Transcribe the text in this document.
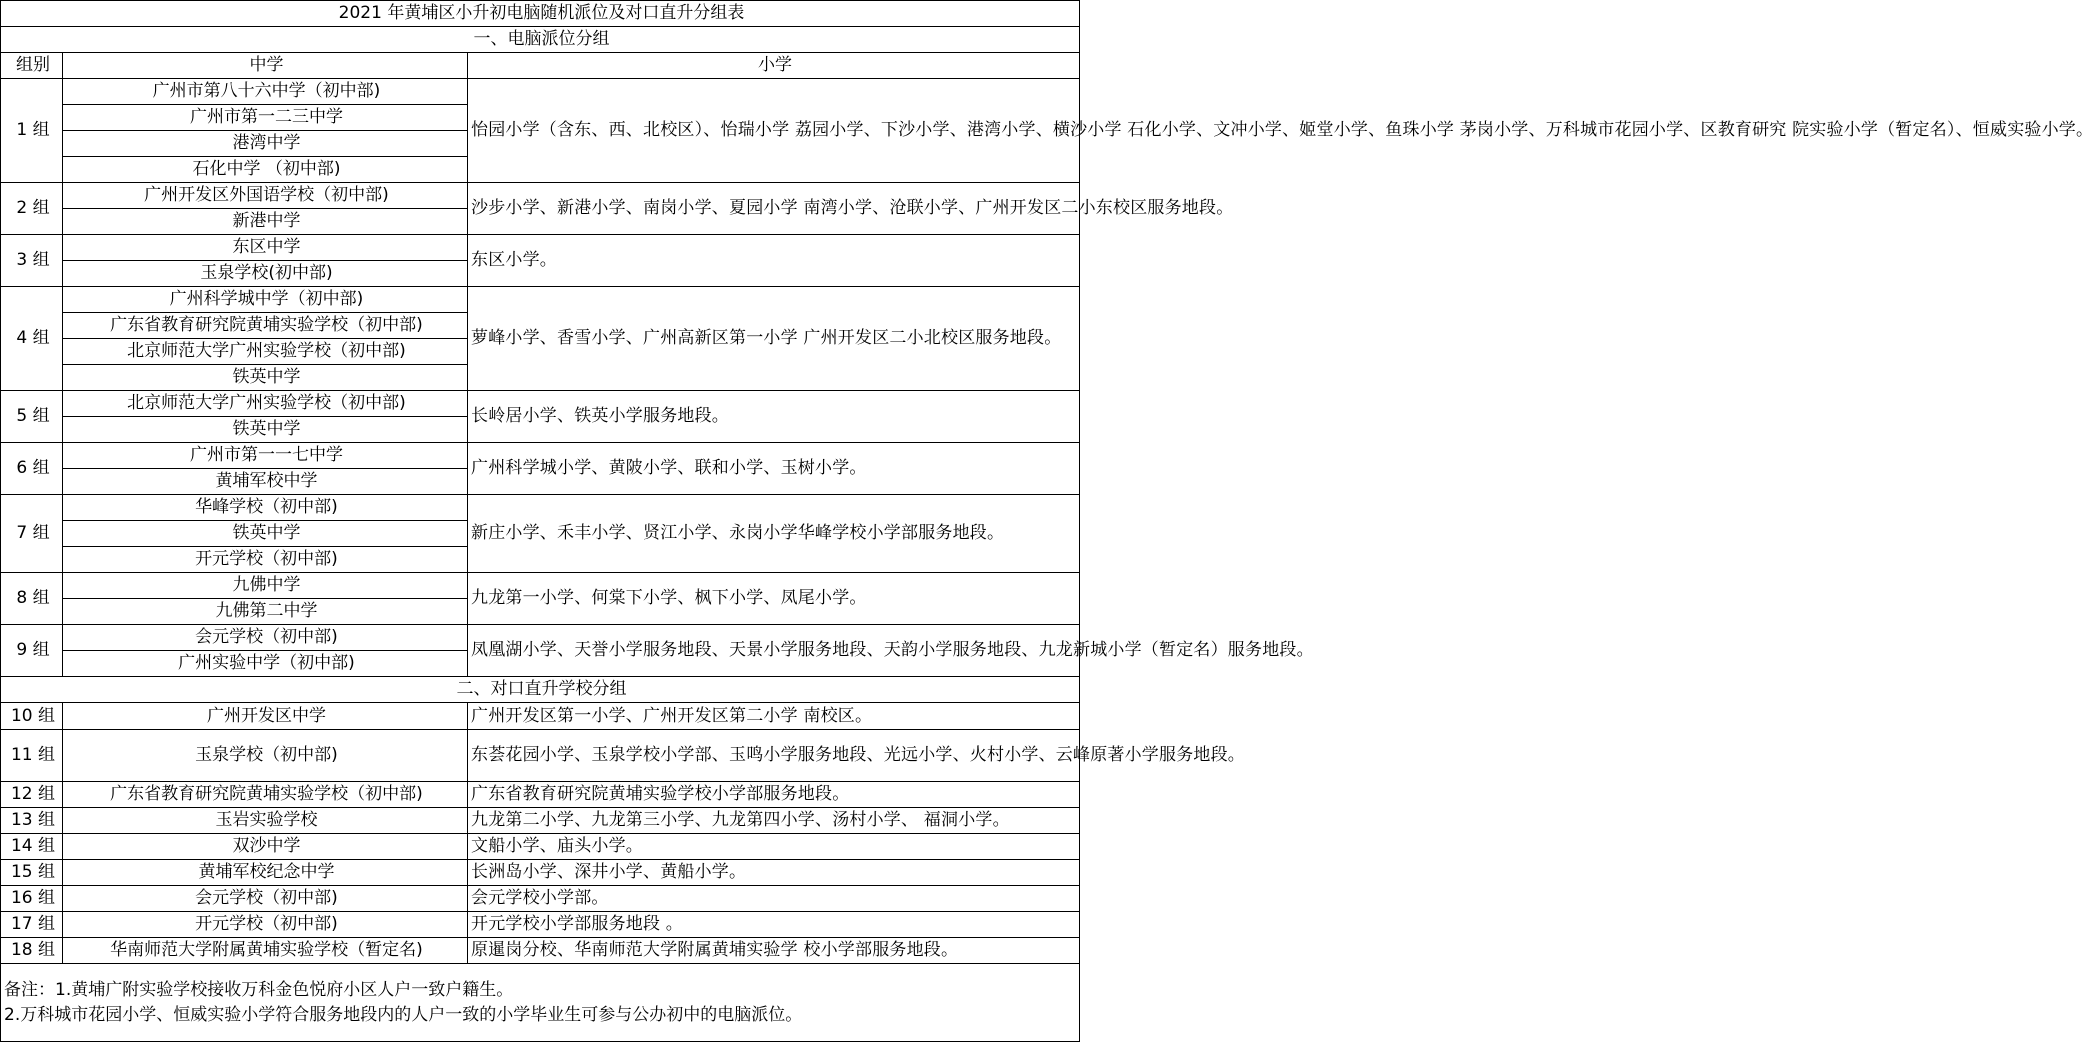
2021 年黄埔区小升初电脑随机派位及对口直升分组表		
一、电脑派位分组		
组别	中学	小学
1 组	广州市第八十六中学（初中部)	怡园小学（含东、西、北校区）、怡瑞小学 荔园小学、下沙小学、港湾小学、横沙小学 石化小学、文冲小学、姬堂小学、鱼珠小学 茅岗小学、万科城市花园小学、区教育研究 院实验小学（暂定名）、恒威实验小学。
	广州市第一二三中学	
	港湾中学	
	石化中学 （初中部)	
2 组	广州开发区外国语学校（初中部)	沙步小学、新港小学、南岗小学、夏园小学 南湾小学、沧联小学、广州开发区二小东校区服务地段。
	新港中学	
3 组	东区中学	东区小学。
	玉泉学校(初中部)	
4 组	广州科学城中学（初中部)	萝峰小学、香雪小学、广州高新区第一小学 广州开发区二小北校区服务地段。
	广东省教育研究院黄埔实验学校（初中部)	
	北京师范大学广州实验学校（初中部)	
	铁英中学	
5 组	北京师范大学广州实验学校（初中部)	长岭居小学、铁英小学服务地段。
	铁英中学	
6 组	广州市第一一七中学	广州科学城小学、黄陂小学、联和小学、玉树小学。
	黄埔军校中学	
7 组	华峰学校（初中部)	新庄小学、禾丰小学、贤江小学、永岗小学华峰学校小学部服务地段。
	铁英中学	
	开元学校（初中部)	
8 组	九佛中学	九龙第一小学、何棠下小学、枫下小学、凤尾小学。
	九佛第二中学	
9 组	会元学校（初中部)	凤凰湖小学、天誉小学服务地段、天景小学服务地段、天韵小学服务地段、九龙新城小学（暂定名）服务地段。
	广州实验中学（初中部)	
二、对口直升学校分组		
10 组	广州开发区中学	广州开发区第一小学、广州开发区第二小学 南校区。
11 组	玉泉学校（初中部)	东荟花园小学、玉泉学校小学部、玉鸣小学服务地段、光远小学、火村小学、云峰原著小学服务地段。
12 组	广东省教育研究院黄埔实验学校（初中部)	广东省教育研究院黄埔实验学校小学部服务地段。
13 组	玉岩实验学校	九龙第二小学、九龙第三小学、九龙第四小学、汤村小学、 福洞小学。
14 组	双沙中学	文船小学、庙头小学。
15 组	黄埔军校纪念中学	长洲岛小学、深井小学、黄船小学。
16 组	会元学校（初中部)	会元学校小学部。
17 组	开元学校（初中部)	开元学校小学部服务地段 。
18 组	华南师范大学附属黄埔实验学校（暂定名)	原暹岗分校、华南师范大学附属黄埔实验学 校小学部服务地段。

备注：1.黄埔广附实验学校接收万科金色悦府小区人户一致户籍生。
2.万科城市花园小学、恒威实验小学符合服务地段内的人户一致的小学毕业生可参与公办初中的电脑派位。		
